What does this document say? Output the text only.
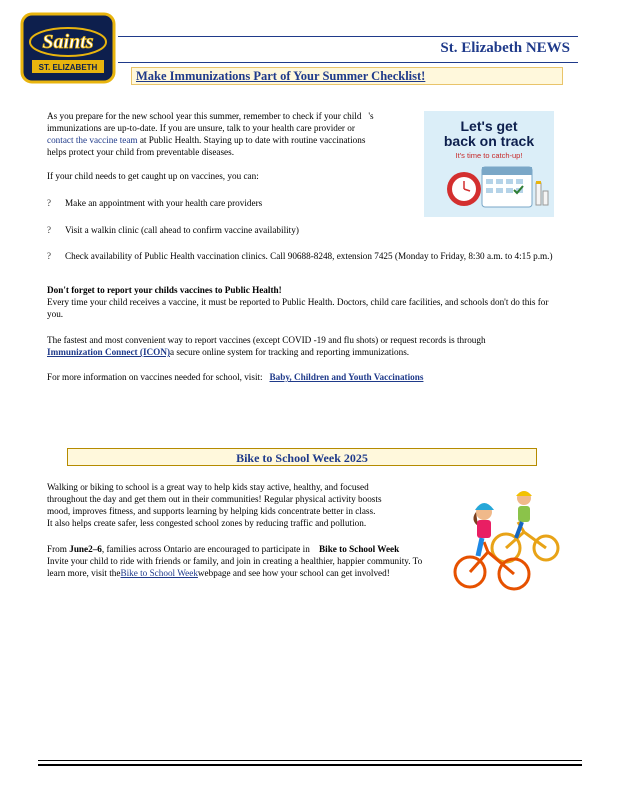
Saints
ST. ELIZABETH
St. Elizabeth NEWS
Make Immunizations Part of Your Summer Checklist!
As you prepare for the new school year this summer, remember to check if your child 's
immunizations are up-to-date. If you are unsure, talk to your health care provider or
contact the vaccine team at Public Health. Staying up to date with routine vaccinations
helps protect your child from preventable diseases.
If your child needs to get caught up on vaccines, you can:
? Make an appointment with your health care providers
? Visit a walkin clinic (call ahead to confirm vaccine availability)
? Check availability of Public Health vaccination clinics. Call 90688-8248, extension 7425 (Monday to Friday, 8:30 a.m. to 4:15 p.m.)
Let's get
back on track
It's time to catch-up!
Don't forget to report your childs vaccines to Public Health!
Every time your child receives a vaccine, it must be reported to Public Health. Doctors, child care facilities, and schools don't do this for you.
The fastest and most convenient way to report vaccines (except COVID -19 and flu shots) or request records is through
Immunization Connect (ICON)a secure online system for tracking and reporting immunizations.
For more information on vaccines needed for school, visit: Baby, Children and Youth Vaccinations
Bike to School Week 2025
Walking or biking to school is a great way to help kids stay active, healthy, and focused throughout the day and get them out in their communities! Regular physical activity boosts mood, improves fitness, and supports learning by helping kids concentrate better in class.
It also helps create safer, less congested school zones by reducing traffic and pollution.
From June2–6, families across Ontario are encouraged to participate in Bike to School Week
Invite your child to ride with friends or family, and join in creating a healthier, happier community. To learn more, visit theBike to School Weekwebpage and see how your school can get involved!
